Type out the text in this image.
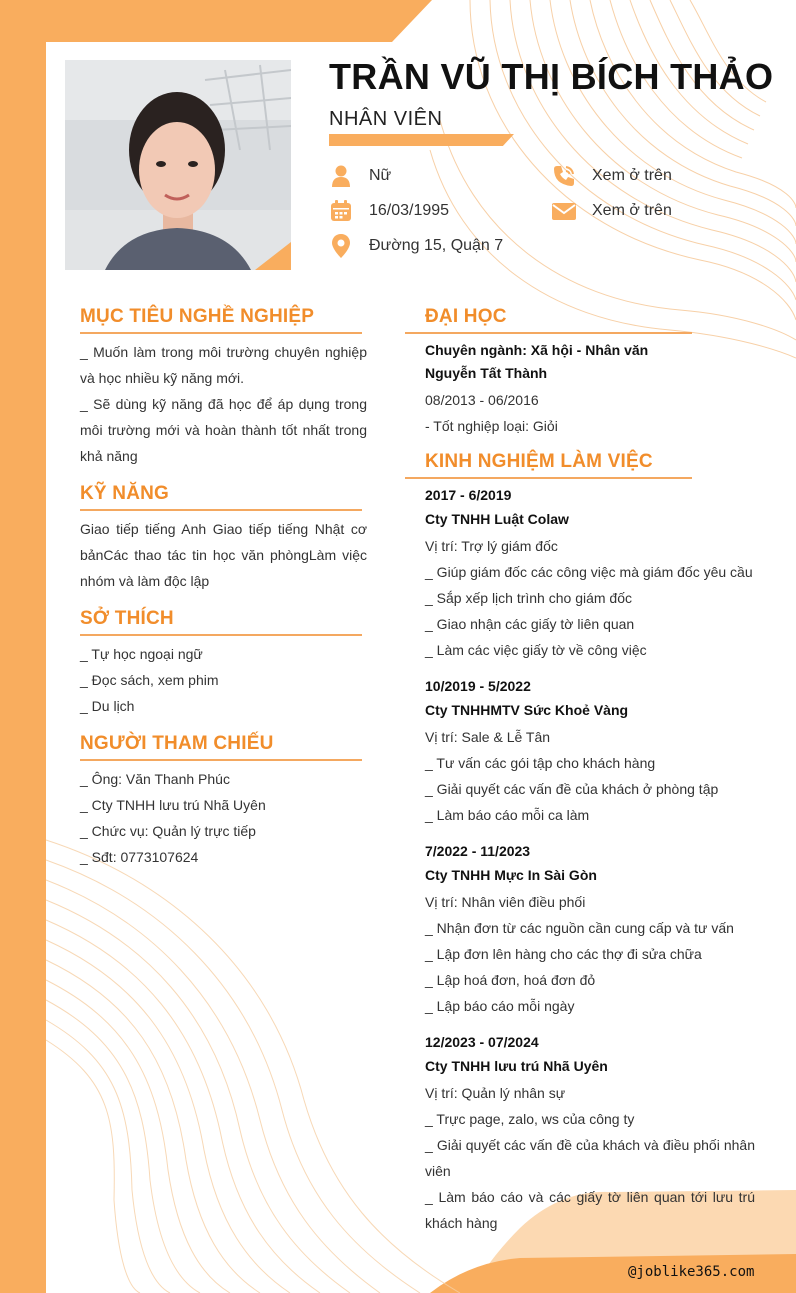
TRẦN VŨ THỊ BÍCH THẢO
NHÂN VIÊN
Nữ
16/03/1995
Đường 15, Quận 7
Xem ở trên
Xem ở trên
MỤC TIÊU NGHỀ NGHIỆP
_ Muốn làm trong môi trường chuyên nghiệp và học nhiều kỹ năng mới.
_ Sẽ dùng kỹ năng đã học để áp dụng trong môi trường mới và hoàn thành tốt nhất trong khả năng
KỸ NĂNG
Giao tiếp tiếng Anh Giao tiếp tiếng Nhật cơ bảnCác thao tác tin học văn phòngLàm việc nhóm và làm độc lập
SỞ THÍCH
_ Tự học ngoại ngữ
_ Đọc sách, xem phim
_ Du lịch
NGƯỜI THAM CHIẾU
_ Ông: Văn Thanh Phúc
_ Cty TNHH lưu trú Nhã Uyên
_ Chức vụ: Quản lý trực tiếp
_ Sđt: 0773107624
ĐẠI HỌC
Chuyên ngành: Xã hội - Nhân văn
Nguyễn Tất Thành
08/2013 - 06/2016
- Tốt nghiệp loại: Giỏi
KINH NGHIỆM LÀM VIỆC
2017 - 6/2019
Cty TNHH Luật Colaw
Vị trí: Trợ lý giám đốc
_ Giúp giám đốc các công việc mà giám đốc yêu cầu
_ Sắp xếp lịch trình cho giám đốc
_ Giao nhận các giấy tờ liên quan
_ Làm các việc giấy tờ về công việc
10/2019 - 5/2022
Cty TNHHMTV Sức Khoẻ Vàng
Vị trí: Sale & Lễ Tân
_ Tư vấn các gói tập cho khách hàng
_ Giải quyết các vấn đề của khách ở phòng tập
_ Làm báo cáo mỗi ca làm
7/2022 - 11/2023
Cty TNHH Mực In Sài Gòn
Vị trí: Nhân viên điều phối
_ Nhận đơn từ các nguồn cần cung cấp và tư vấn
_ Lập đơn lên hàng cho các thợ đi sửa chữa
_ Lập hoá đơn, hoá đơn đỏ
_ Lập báo cáo mỗi ngày
12/2023 - 07/2024
Cty TNHH lưu trú Nhã Uyên
Vị trí: Quản lý nhân sự
_ Trực page, zalo, ws của công ty
_ Giải quyết các vấn đề của khách và điều phối nhân viên
_ Làm báo cáo và các giấy tờ liên quan tới lưu trú khách hàng
@joblike365.com
